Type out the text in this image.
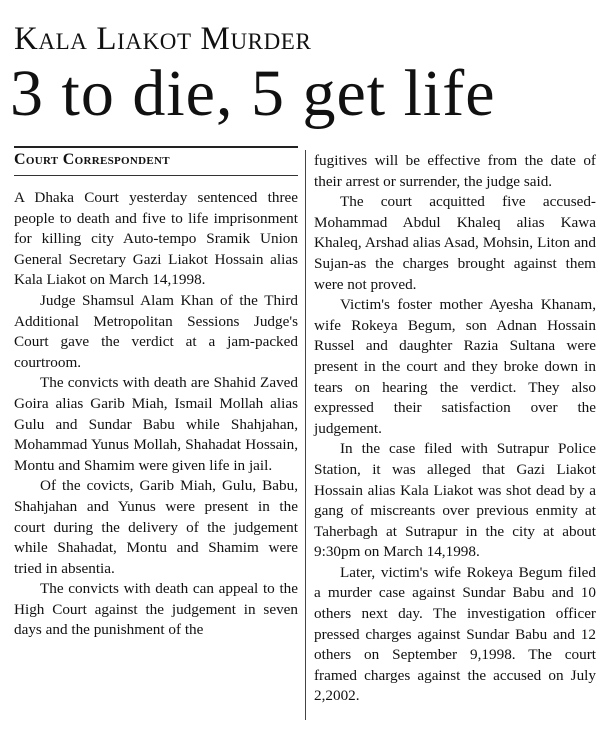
Kala Liakot Murder
3 to die, 5 get life
Court Correspondent

A Dhaka Court yesterday sentenced three people to death and five to life imprisonment for killing city Auto-tempo Sramik Union General Secretary Gazi Liakot Hossain alias Kala Liakot on March 14,1998.

Judge Shamsul Alam Khan of the Third Additional Metropolitan Sessions Judge's Court gave the verdict at a jam-packed courtroom.

The convicts with death are Shahid Zaved Goira alias Garib Miah, Ismail Mollah alias Gulu and Sundar Babu while Shahjahan, Mohammad Yunus Mollah, Shahadat Hossain, Montu and Shamim were given life in jail.

Of the covicts, Garib Miah, Gulu, Babu, Shahjahan and Yunus were present in the court during the delivery of the judgement while Shahadat, Montu and Shamim were tried in absentia.

The convicts with death can appeal to the High Court against the judgement in seven days and the punishment of the

fugitives will be effective from the date of their arrest or surrender, the judge said.

The court acquitted five accused-Mohammad Abdul Khaleq alias Kawa Khaleq, Arshad alias Asad, Mohsin, Liton and Sujan-as the charges brought against them were not proved.

Victim's foster mother Ayesha Khanam, wife Rokeya Begum, son Adnan Hossain Russel and daughter Razia Sultana were present in the court and they broke down in tears on hearing the verdict. They also expressed their satisfaction over the judgement.

In the case filed with Sutrapur Police Station, it was alleged that Gazi Liakot Hossain alias Kala Liakot was shot dead by a gang of miscreants over previous enmity at Taherbagh at Sutrapur in the city at about 9:30pm on March 14,1998.

Later, victim's wife Rokeya Begum filed a murder case against Sundar Babu and 10 others next day. The investigation officer pressed charges against Sundar Babu and 12 others on September 9,1998. The court framed charges against the accused on July 2,2002.
